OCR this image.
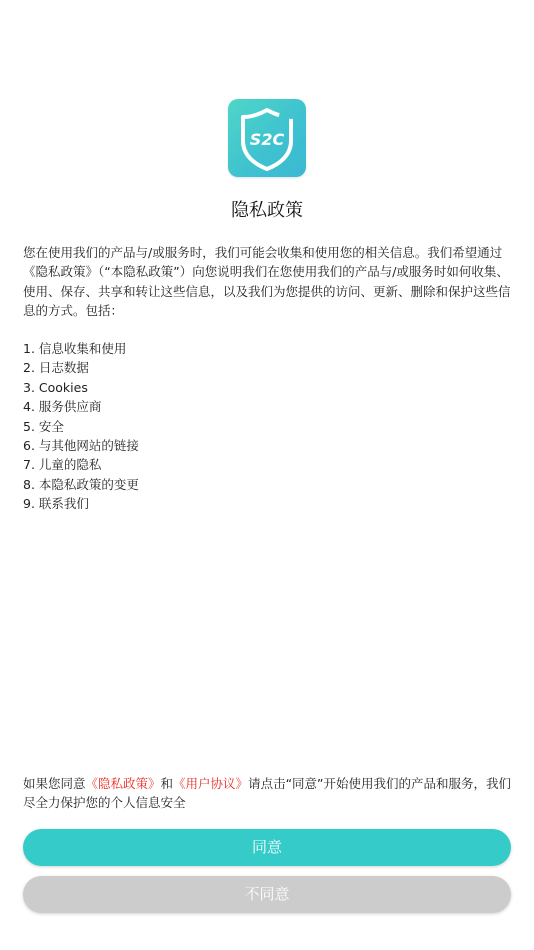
S2C
隐私政策

您在使用我们的产品与/或服务时，我们可能会收集和使用您的相关信息。我们希望通过《隐私政策》（“本隐私政策”）向您说明我们在您使用我们的产品与/或服务时如何收集、使用、保存、共享和转让这些信息，以及我们为您提供的访问、更新、删除和保护这些信息的方式。包括：

1. 信息收集和使用
2. 日志数据
3. Cookies
4. 服务供应商
5. 安全
6. 与其他网站的链接
7. 儿童的隐私
8. 本隐私政策的变更
9. 联系我们

如果您同意《隐私政策》和《用户协议》请点击“同意”开始使用我们的产品和服务，我们尽全力保护您的个人信息安全

同意
不同意
